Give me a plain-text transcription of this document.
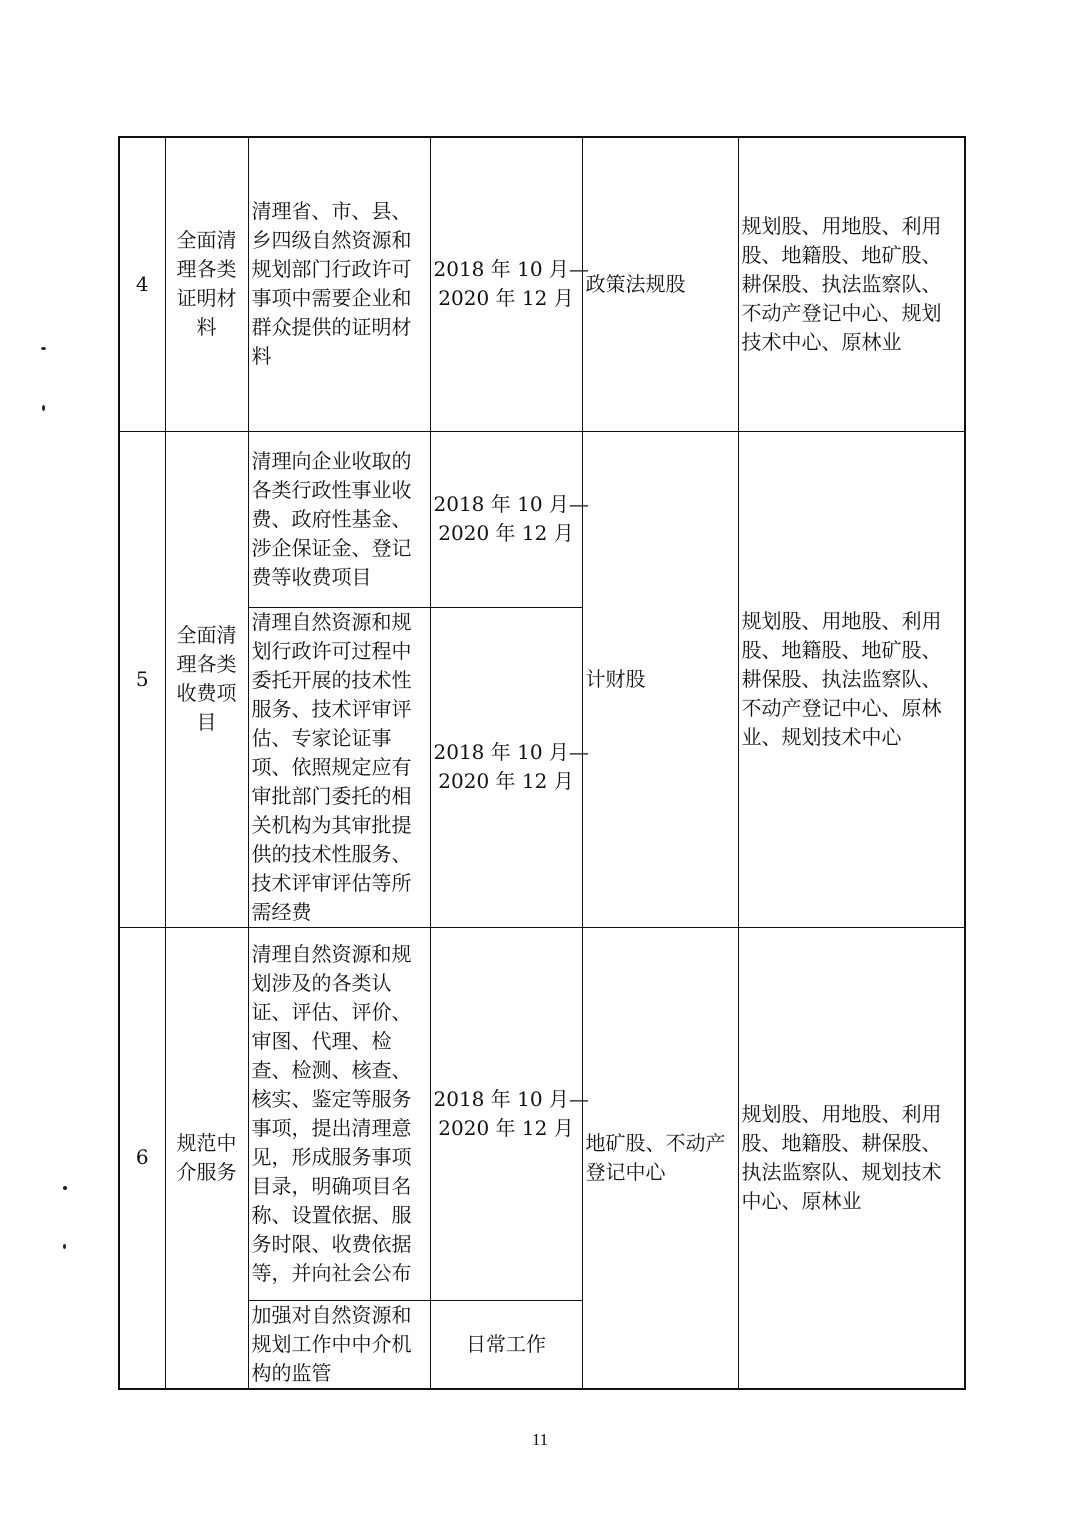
4	全面清理各类证明材料	清理省、市、县、乡四级自然资源和规划部门行政许可事项中需要企业和群众提供的证明材料	2018 年 10 月—
2020 年 12 月	政策法规股	规划股、用地股、利用股、地籍股、地矿股、耕保股、执法监察队、不动产登记中心、规划技术中心、原林业
5	全面清理各类收费项目	清理向企业收取的各类行政性事业收费、政府性基金、涉企保证金、登记费等收费项目	2018 年 10 月—
2020 年 12 月	计财股	规划股、用地股、利用股、地籍股、地矿股、耕保股、执法监察队、不动产登记中心、原林业、规划技术中心
		清理自然资源和规划行政许可过程中委托开展的技术性服务、技术评审评估、专家论证事项、依照规定应有审批部门委托的相关机构为其审批提供的技术性服务、技术评审评估等所需经费	2018 年 10 月—
2020 年 12 月		

6	规范中介服务	清理自然资源和规划涉及的各类认证、评估、评价、审图、代理、检查、检测、核查、核实、鉴定等服务事项，提出清理意见，形成服务事项目录，明确项目名称、设置依据、服务时限、收费依据等，并向社会公布	2018 年 10 月—
2020 年 12 月	地矿股、不动产登记中心	规划股、用地股、利用股、地籍股、耕保股、执法监察队、规划技术中心、原林业
		加强对自然资源和规划工作中中介机构的监管	日常工作		
11
